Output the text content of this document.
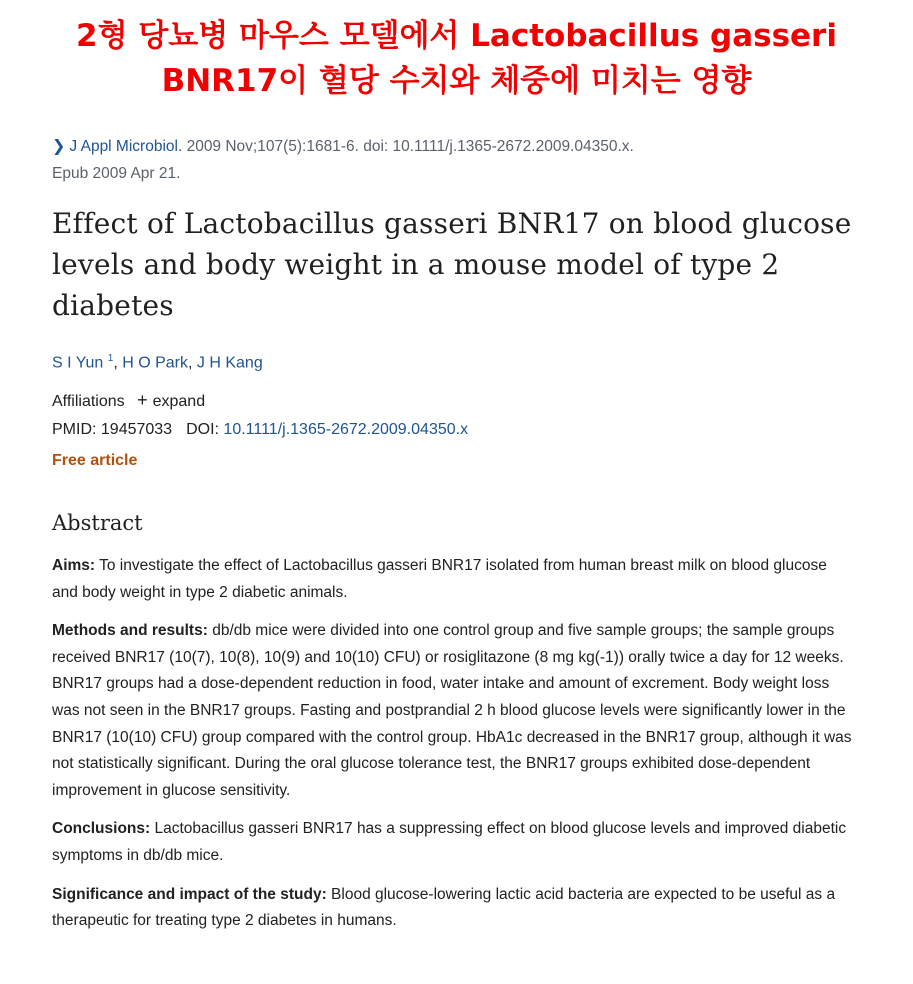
2형 당뇨병 마우스 모델에서 Lactobacillus gasseri
BNR17이 혈당 수치와 체중에 미치는 영향
❯ J Appl Microbiol. 2009 Nov;107(5):1681-6. doi: 10.1111/j.1365-2672.2009.04350.x.
Epub 2009 Apr 21.
Effect of Lactobacillus gasseri BNR17 on blood glucose levels and body weight in a mouse model of type 2 diabetes
S I Yun $^1$, H O Park, J H Kang
Affiliations + expand
PMID: 19457033 DOI: 10.1111/j.1365-2672.2009.04350.x
Free article
Abstract

Aims: To investigate the effect of Lactobacillus gasseri BNR17 isolated from human breast milk on blood glucose and body weight in type 2 diabetic animals.

Methods and results: db/db mice were divided into one control group and five sample groups; the sample groups received BNR17 (10(7), 10(8), 10(9) and 10(10) CFU) or rosiglitazone (8 mg kg(-1)) orally twice a day for 12 weeks. BNR17 groups had a dose-dependent reduction in food, water intake and amount of excrement. Body weight loss was not seen in the BNR17 groups. Fasting and postprandial 2 h blood glucose levels were significantly lower in the BNR17 (10(10) CFU) group compared with the control group. HbA1c decreased in the BNR17 group, although it was not statistically significant. During the oral glucose tolerance test, the BNR17 groups exhibited dose-dependent improvement in glucose sensitivity.

Conclusions: Lactobacillus gasseri BNR17 has a suppressing effect on blood glucose levels and improved diabetic symptoms in db/db mice.

Significance and impact of the study: Blood glucose-lowering lactic acid bacteria are expected to be useful as a therapeutic for treating type 2 diabetes in humans.
